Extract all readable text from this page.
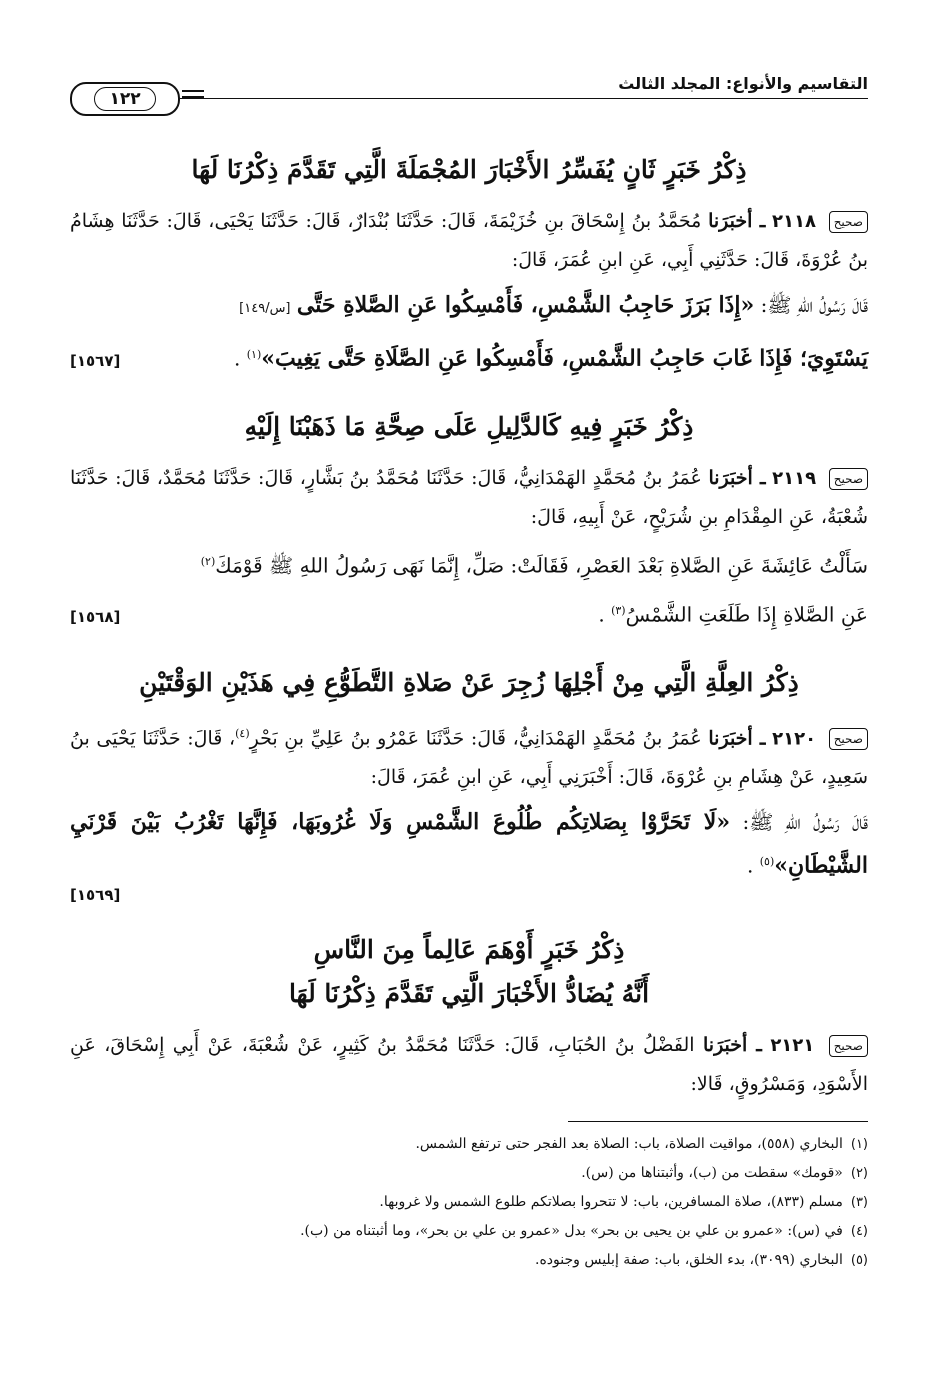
التقاسيم والأنواع: المجلد الثالث
١٢٢
ذِكْرُ خَبَرٍ ثَانٍ يُفَسِّرُ الأَخْبَارَ المُجْمَلَةَ الَّتِي تَقَدَّمَ ذِكْرُنَا لَهَا

صحيح ٢١١٨ ـ أخبَرَنا مُحَمَّدُ بنُ إِسْحَاقَ بنِ خُزَيْمَةَ، قَالَ: حَدَّثَنَا بُنْدَارٌ، قَالَ: حَدَّثَنَا يَحْيَى، قَالَ: حَدَّثَنَا هِشَامُ بنُ عُرْوَةَ، قَالَ: حَدَّثَنِي أَبِي، عَنِ ابنِ عُمَرَ، قَالَ:

قَالَ رَسُولُ اللهِ ﷺ: «إِذَا بَرَزَ حَاجِبُ الشَّمْسِ، فَأَمْسِكُوا عَنِ الصَّلاةِ حَتَّى [س/١٤٩]

يَسْتَوِيَ؛ فَإِذَا غَابَ حَاجِبُ الشَّمْسِ، فَأَمْسِكُوا عَنِ الصَّلَاةِ حَتَّى يَغِيبَ»$^{(١)}$ .
[١٥٦٧]
ذِكْرُ خَبَرٍ فِيهِ كَالدَّلِيلِ عَلَى صِحَّةِ مَا ذَهَبْنَا إِلَيْهِ

صحيح ٢١١٩ ـ أخبَرَنا عُمَرُ بنُ مُحَمَّدٍ الهَمْدَانِيُّ، قَالَ: حَدَّثَنَا مُحَمَّدُ بنُ بَشَّارٍ، قَالَ: حَدَّثَنَا مُحَمَّدٌ، قَالَ: حَدَّثَنَا شُعْبَةُ، عَنِ المِقْدَامِ بنِ شُرَيْحٍ، عَنْ أَبِيهِ، قَالَ:

سَأَلْتُ عَائِشَةَ عَنِ الصَّلاةِ بَعْدَ العَصْرِ، فَقَالَتْ: صَلِّ، إِنَّمَا نَهَى رَسُولُ اللهِ ﷺ قَوْمَكَ$^{(٢)}$
عَنِ الصَّلاةِ إِذَا طَلَعَتِ الشَّمْسُ$^{(٣)}$ .
[١٥٦٨]
ذِكْرُ العِلَّةِ الَّتِي مِنْ أَجْلِهَا زُجِرَ عَنْ صَلاةِ التَّطَوُّعِ فِي هَذَيْنِ الوَقْتَيْنِ

صحيح ٢١٢٠ ـ أخبَرَنا عُمَرُ بنُ مُحَمَّدٍ الهَمْدَانِيُّ، قَالَ: حَدَّثَنَا عَمْرُو بنُ عَلِيِّ بنِ بَحْرٍ$^{(٤)}$، قَالَ: حَدَّثَنَا يَحْيَى بنُ سَعِيدٍ، عَنْ هِشَامِ بنِ عُرْوَةَ، قَالَ: أَخْبَرَنِي أَبِي، عَنِ ابنِ عُمَرَ، قَالَ:

قَالَ رَسُولُ اللهِ ﷺ: «لَا تَحَرَّوْا بِصَلاتِكُم طُلُوعَ الشَّمْسِ وَلَا غُرُوبَهَا، فَإِنَّهَا تَغْرُبُ بَيْنَ قَرْنَيِ الشَّيْطَانِ»$^{(٥)}$ .
[١٥٦٩]
ذِكْرُ خَبَرٍ أَوْهَمَ عَالِماً مِنَ النَّاسِ
أَنَّهُ يُضَادُّ الأَخْبَارَ الَّتِي تَقَدَّمَ ذِكْرُنَا لَهَا

صحيح ٢١٢١ ـ أخبَرَنا الفَضْلُ بنُ الحُبَابِ، قَالَ: حَدَّثَنَا مُحَمَّدُ بنُ كَثِيرٍ، عَنْ شُعْبَةَ، عَنْ أَبِي إِسْحَاقَ، عَنِ الأَسْوَدِ، وَمَسْرُوقٍ، قَالا:

(١)
البخاري (٥٥٨)، مواقيت الصلاة، باب: الصلاة بعد الفجر حتى ترتفع الشمس.
(٢)
«قومك» سقطت من (ب)، وأثبتناها من (س).
(٣)
مسلم (٨٣٣)، صلاة المسافرين، باب: لا تتحروا بصلاتكم طلوع الشمس ولا غروبها.
(٤)
في (س): «عمرو بن علي بن يحيى بن بحر» بدل «عمرو بن علي بن بحر»، وما أثبتناه من (ب).
(٥)
البخاري (٣٠٩٩)، بدء الخلق، باب: صفة إبليس وجنوده.
